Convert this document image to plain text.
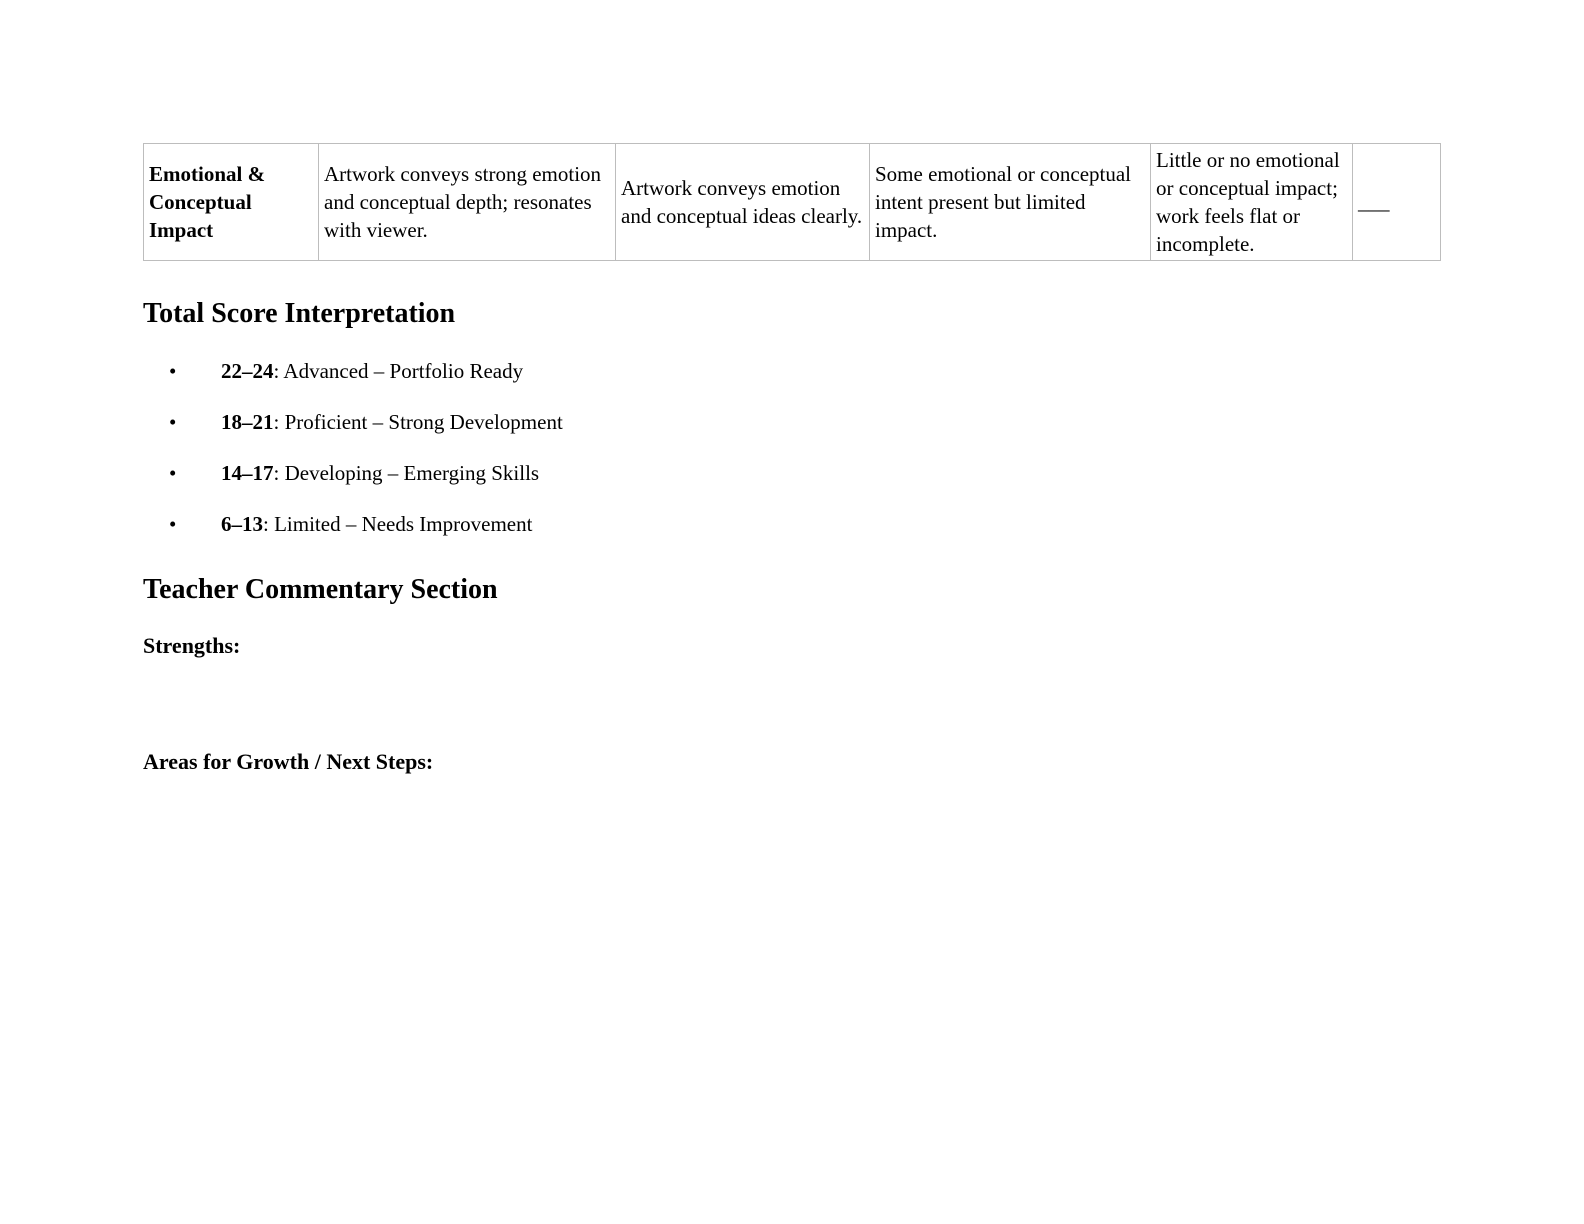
Emotional & Conceptual Impact	Artwork conveys strong emotion and conceptual depth; resonates with viewer.	Artwork conveys emotion and conceptual ideas clearly.	Some emotional or conceptual intent present but limited impact.	Little or no emotional or conceptual impact; work feels flat or incomplete.	___
Total Score Interpretation
• 22–24: Advanced – Portfolio Ready
• 18–21: Proficient – Strong Development
• 14–17: Developing – Emerging Skills
• 6–13: Limited – Needs Improvement
Teacher Commentary Section

Strengths:

Areas for Growth / Next Steps:
